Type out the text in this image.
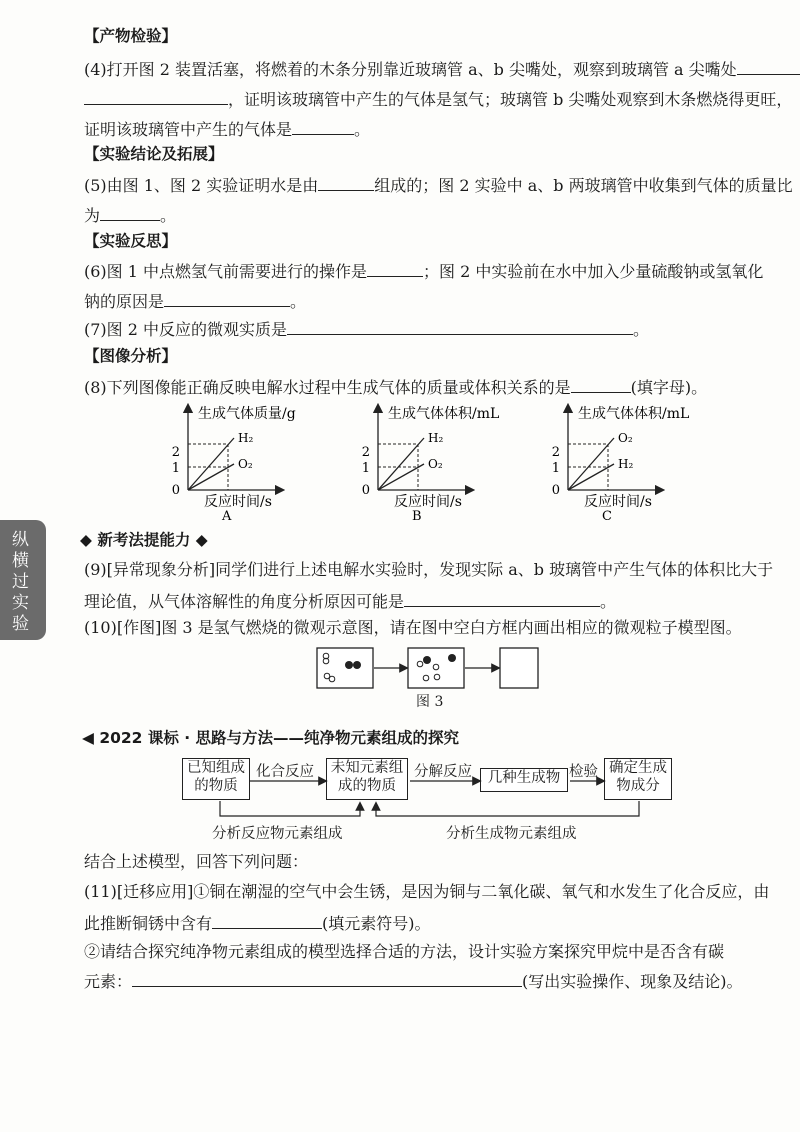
【产物检验】
(4)打开图 2 装置活塞，将燃着的木条分别靠近玻璃管 a、b 尖嘴处，观察到玻璃管 a 尖嘴处
，证明该玻璃管中产生的气体是氢气；玻璃管 b 尖嘴处观察到木条燃烧得更旺，
证明该玻璃管中产生的气体是	。
【实验结论及拓展】
(5)由图 1、图 2 实验证明水是由	组成的；图 2 实验中 a、b 两玻璃管中收集到气体的质量比
为	。
【实验反思】
(6)图 1 中点燃氢气前需要进行的操作是	；图 2 中实验前在水中加入少量硫酸钠或氢氧化
钠的原因是	。
(7)图 2 中反应的微观实质是	。
【图像分析】
(8)下列图像能正确反映电解水过程中生成气体的质量或体积关系的是	(填字母)。
生成气体质量/g
反应时间/s
2
1
0
H₂
O₂
A
生成气体体积/mL
反应时间/s
2
1
0
H₂
O₂
B
生成气体体积/mL
反应时间/s
2
1
0
O₂
H₂
C
纵横过实验
◆ 新考法提能力 ◆
(9)[异常现象分析]同学们进行上述电解水实验时，发现实际 a、b 玻璃管中产生气体的体积比大于
理论值，从气体溶解性的角度分析原因可能是	。
(10)[作图]图 3 是氢气燃烧的微观示意图，请在图中空白方框内画出相应的微观粒子模型图。
图 3
◀ 2022 课标 · 思路与方法——纯净物元素组成的探究
已知组成的物质
未知元素组成的物质	几种生成物
确定生成物成分
化合反应	分解反应	检验
分析反应物元素组成	分析生成物元素组成
结合上述模型，回答下列问题：
(11)[迁移应用]①铜在潮湿的空气中会生锈，是因为铜与二氧化碳、氧气和水发生了化合反应，由
此推断铜锈中含有	(填元素符号)。
②请结合探究纯净物元素组成的模型选择合适的方法，设计实验方案探究甲烷中是否含有碳
元素：	(写出实验操作、现象及结论)。
